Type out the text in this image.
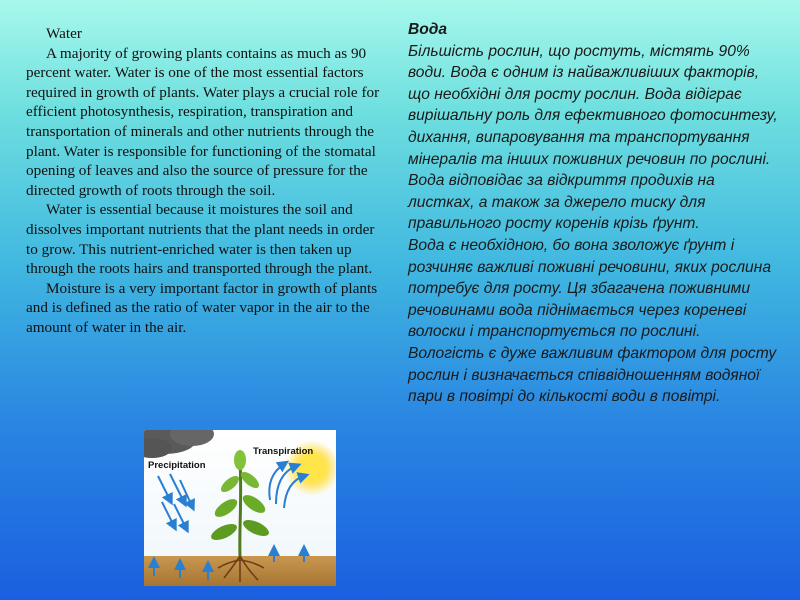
Water

A majority of growing plants contains as much as 90 percent water. Water is one of the most essential factors required in growth of plants. Water plays a crucial role for efficient photosynthesis, respiration, transpiration and transportation of minerals and other nutrients through the plant. Water is responsible for functioning of the stomatal opening of leaves and also the source of pressure for the directed growth of roots through the soil.

Water is essential because it moistures the soil and dissolves important nutrients that the plant needs in order to grow. This nutrient-enriched water is then taken up through the roots hairs and transported through the plant.

Moisture is a very important factor in growth of plants and is defined as the ratio of water vapor in the air to the amount of water in the air.

Вода

Більшість рослин, що ростуть, містять 90% води. Вода є одним із найважливіших факторів, що необхідні для росту рослин. Вода відіграє вирішальну роль для ефективного фотосинтезу, дихання, випаровування та транспортування мінералів та інших поживних речовин по рослині. Вода відповідає за відкриття продихів на листках, а також за джерело тиску для правильного росту коренів крізь ґрунт.

Вода є необхідною, бо вона зволожує ґрунт і розчиняє важливі поживні речовини, яких рослина потребує для росту. Ця збагачена поживними речовинами вода піднімається через кореневі волоски і транспортується по рослині.

Вологість є дуже важливим фактором для росту рослин і визначається співвідношенням водяної пари в повітрі до кількості води в повітрі.

Precipitation
Transpiration
